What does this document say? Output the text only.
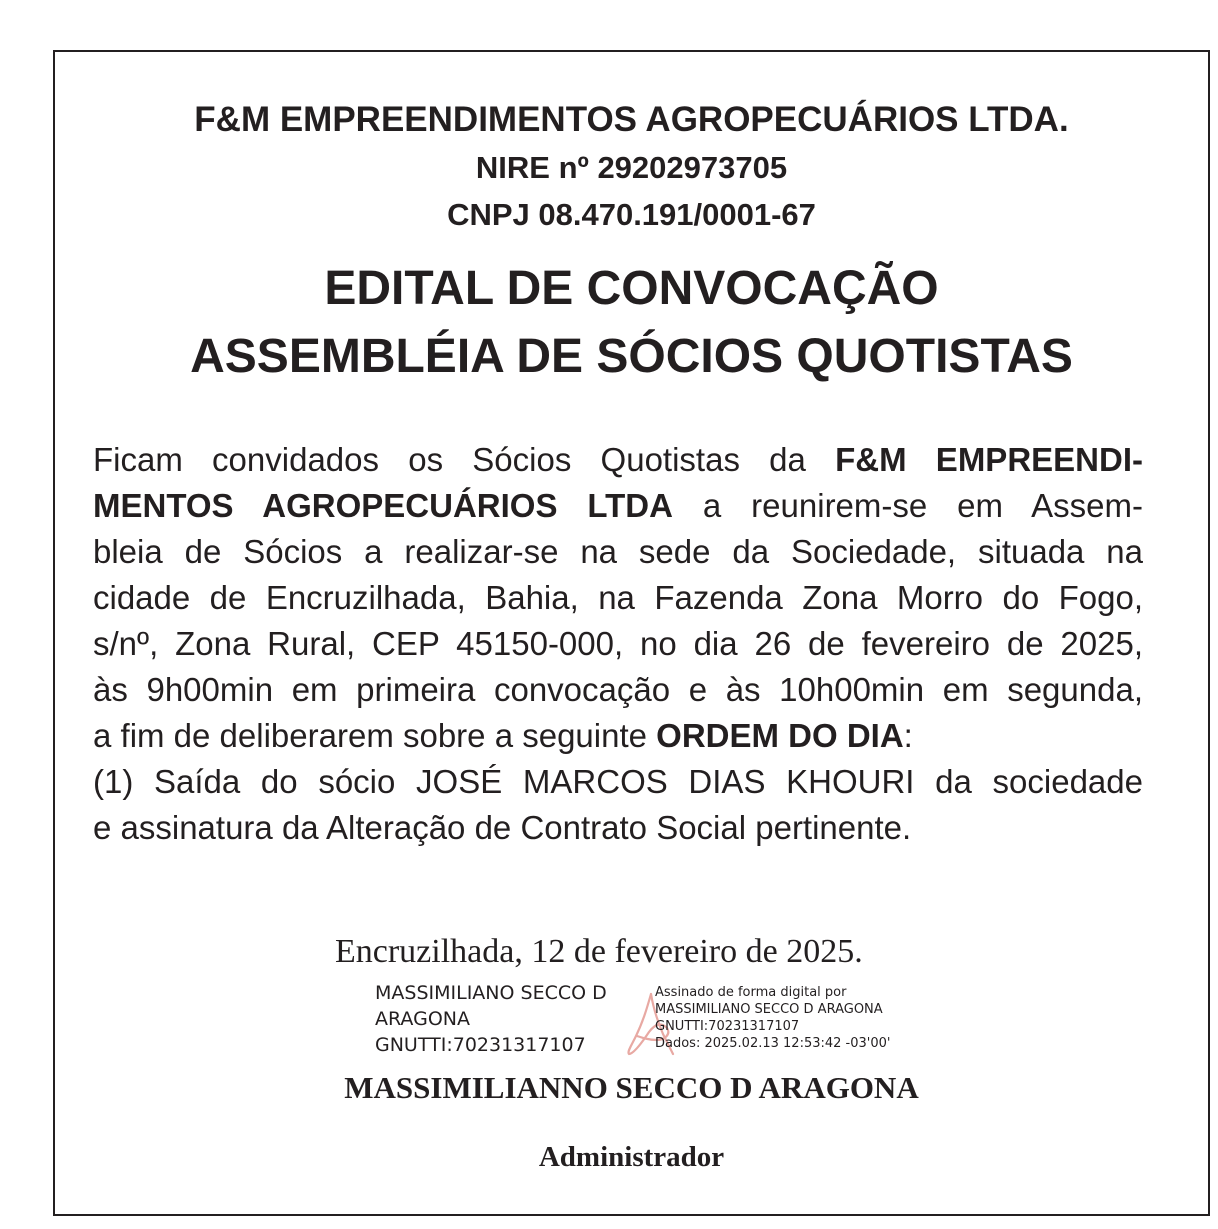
F&M EMPREENDIMENTOS AGROPECUÁRIOS LTDA.
NIRE nº 29202973705
CNPJ 08.470.191/0001-67
EDITAL DE CONVOCAÇÃO
ASSEMBLÉIA DE SÓCIOS QUOTISTAS
Ficam convidados os Sócios Quotistas da F&M EMPREENDI-
MENTOS AGROPECUÁRIOS LTDA a reunirem-se em Assem-
bleia de Sócios a realizar-se na sede da Sociedade, situada na
cidade de Encruzilhada, Bahia, na Fazenda Zona Morro do Fogo,
s/nº, Zona Rural, CEP 45150-000, no dia 26 de fevereiro de 2025,
às 9h00min em primeira convocação e às 10h00min em segunda,
a fim de deliberarem sobre a seguinte ORDEM DO DIA:
(1) Saída do sócio JOSÉ MARCOS DIAS KHOURI da sociedade
e assinatura da Alteração de Contrato Social pertinente.
Encruzilhada, 12 de fevereiro de 2025.
MASSIMILIANO SECCO D
ARAGONA
GNUTTI:70231317107
Assinado de forma digital por
MASSIMILIANO SECCO D ARAGONA
GNUTTI:70231317107
Dados: 2025.02.13 12:53:42 -03'00'
MASSIMILIANNO SECCO D ARAGONA
Administrador
